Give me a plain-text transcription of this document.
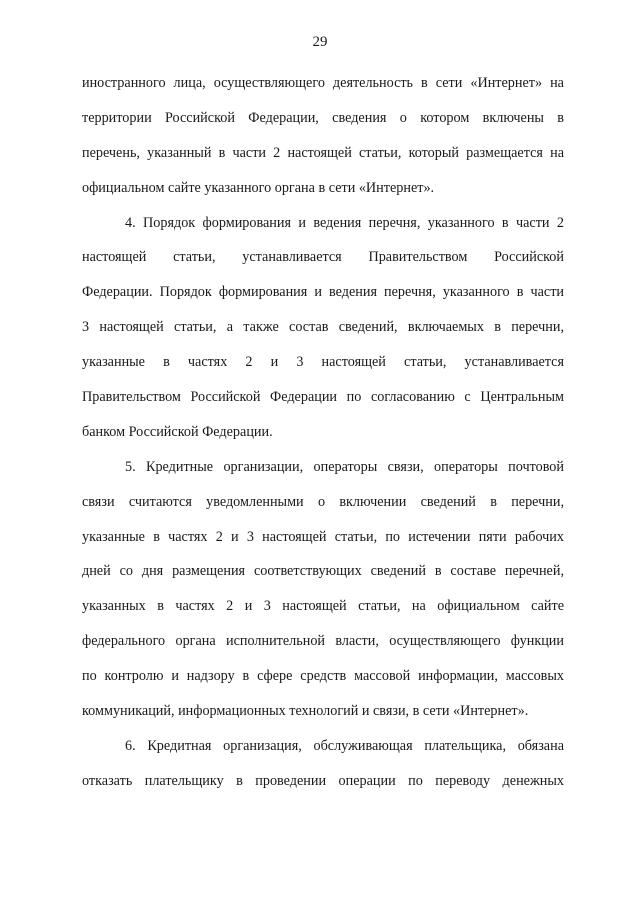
29
иностранного лица, осуществляющего деятельность в сети «Интернет» на
территории Российской Федерации, сведения о котором включены в
перечень, указанный в части 2 настоящей статьи, который размещается на
официальном сайте указанного органа в сети «Интернет».
4. Порядок формирования и ведения перечня, указанного в части 2
настоящей статьи, устанавливается Правительством Российской
Федерации. Порядок формирования и ведения перечня, указанного в части
3 настоящей статьи, а также состав сведений, включаемых в перечни,
указанные в частях 2 и 3 настоящей статьи, устанавливается
Правительством Российской Федерации по согласованию с Центральным
банком Российской Федерации.
5. Кредитные организации, операторы связи, операторы почтовой
связи считаются уведомленными о включении сведений в перечни,
указанные в частях 2 и 3 настоящей статьи, по истечении пяти рабочих
дней со дня размещения соответствующих сведений в составе перечней,
указанных в частях 2 и 3 настоящей статьи, на официальном сайте
федерального органа исполнительной власти, осуществляющего функции
по контролю и надзору в сфере средств массовой информации, массовых
коммуникаций, информационных технологий и связи, в сети «Интернет».
6. Кредитная организация, обслуживающая плательщика, обязана
отказать плательщику в проведении операции по переводу денежных
